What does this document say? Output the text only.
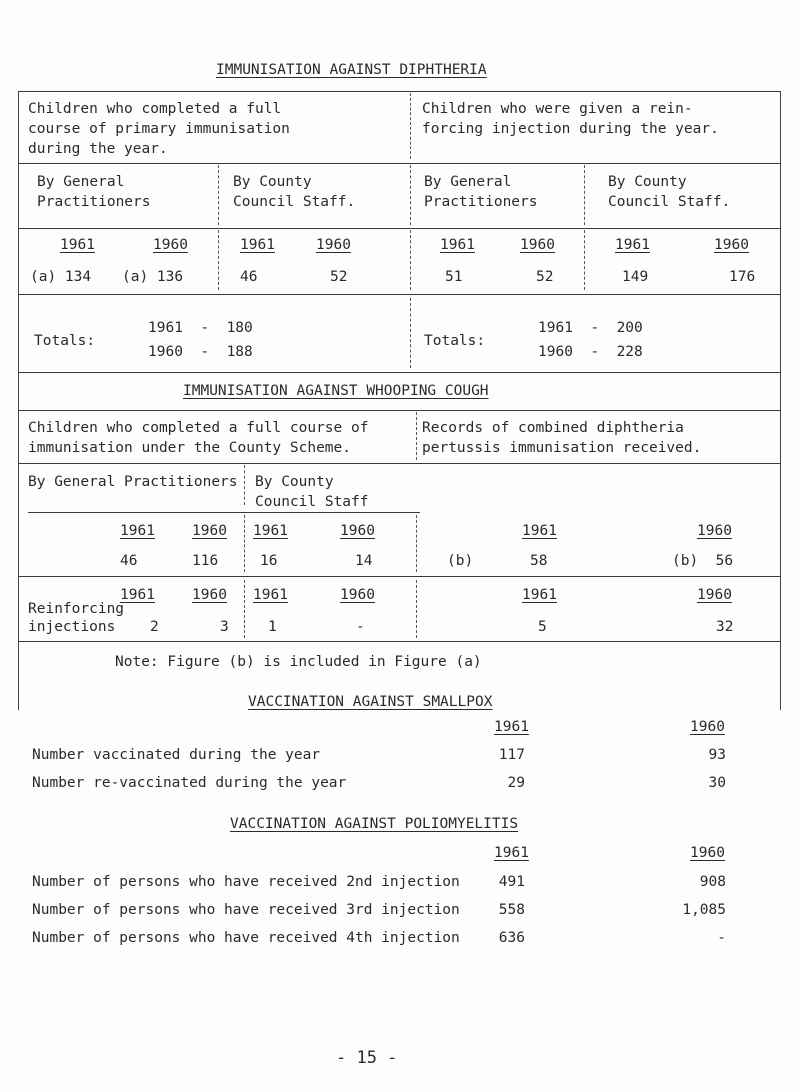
IMMUNISATION AGAINST DIPHTHERIA
Children who completed a full
course of primary immunisation
during the year.
Children who were given a rein-
forcing injection during the year.
By General
Practitioners
By County
Council Staff.
By General
Practitioners
By County
Council Staff.
1961	1960	1961	1960	1961	1960	1961	1960
(a) 134 (a) 136	46	52	51	52	149	176
Totals:
1961  -  180
1960  -  188
Totals:
1961  -  200
1960  -  228
IMMUNISATION AGAINST WHOOPING COUGH
Children who completed a full course of
immunisation under the County Scheme.
Records of combined diphtheria
pertussis immunisation received.
By General Practitioners By County
Council Staff
1961	1960 1961	1960	1961	1960
46	116	16	14	(b)	58	(b)  56
1961	1960 1961	1960	1961	1960
Reinforcing
injections 2	3	1	-	5	32
Note: Figure (b) is included in Figure (a)
VACCINATION AGAINST SMALLPOX
1961	1960
Number vaccinated during the year	117	93
Number re-vaccinated during the year	29	30
VACCINATION AGAINST POLIOMYELITIS
1961	1960
Number of persons who have received 2nd injection	491	908
Number of persons who have received 3rd injection	558	1,085
Number of persons who have received 4th injection	636	-
- 15 -
